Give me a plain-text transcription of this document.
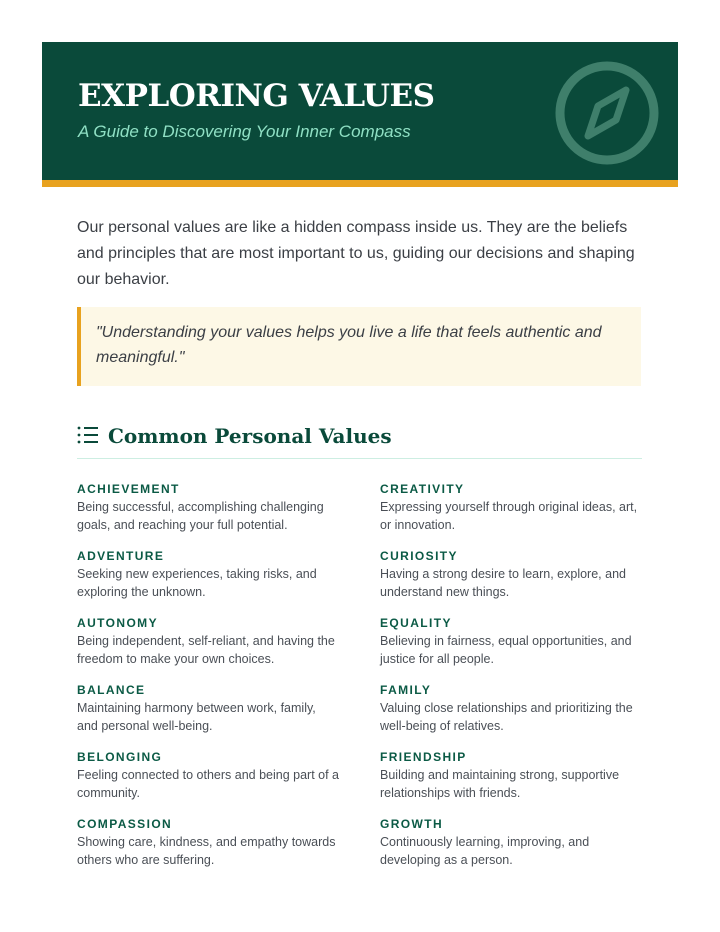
EXPLORING VALUES

A Guide to Discovering Your Inner Compass

Our personal values are like a hidden compass inside us. They are the beliefs and principles that are most important to us, guiding our decisions and shaping our behavior.

"Understanding your values helps you live a life that feels authentic and meaningful."

Common Personal Values

ACHIEVEMENT

Being successful, accomplishing challenging goals, and reaching your full potential.

CREATIVITY

Expressing yourself through original ideas, art, or innovation.

ADVENTURE

Seeking new experiences, taking risks, and exploring the unknown.

CURIOSITY

Having a strong desire to learn, explore, and understand new things.

AUTONOMY

Being independent, self-reliant, and having the freedom to make your own choices.

EQUALITY

Believing in fairness, equal opportunities, and justice for all people.

BALANCE

Maintaining harmony between work, family, and personal well-being.

FAMILY

Valuing close relationships and prioritizing the well-being of relatives.

BELONGING

Feeling connected to others and being part of a community.

FRIENDSHIP

Building and maintaining strong, supportive relationships with friends.

COMPASSION

Showing care, kindness, and empathy towards others who are suffering.

GROWTH

Continuously learning, improving, and developing as a person.
